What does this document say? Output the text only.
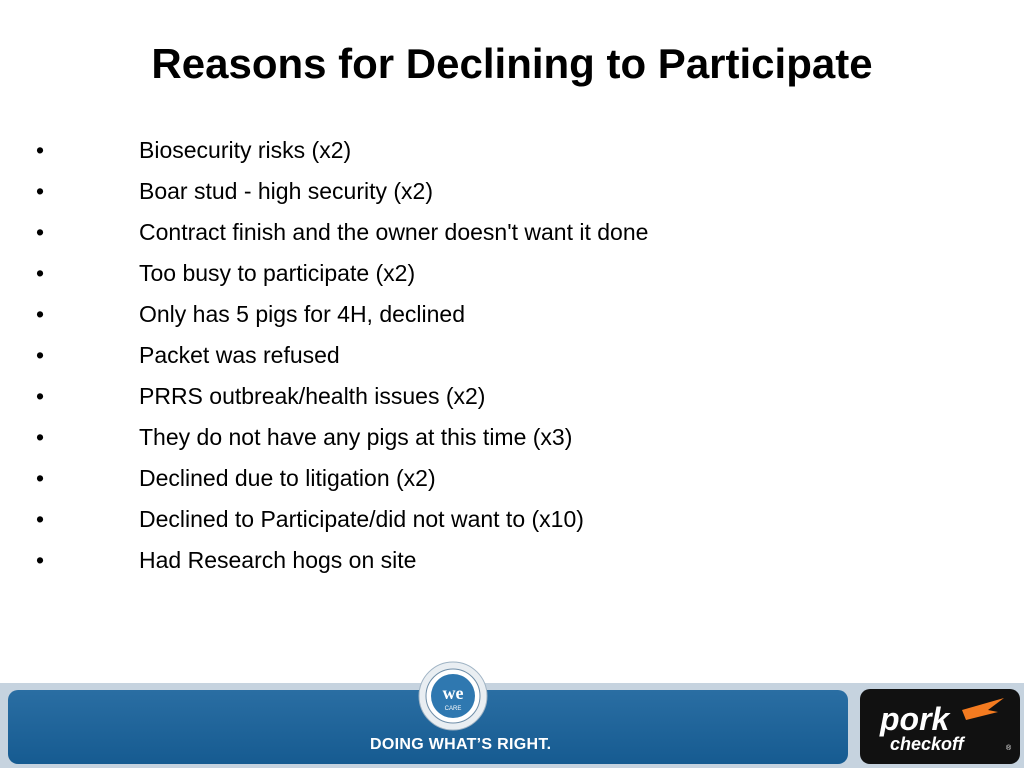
Reasons for Declining to Participate
•	Biosecurity risks (x2)
•	Boar stud - high security (x2)
•	Contract finish and the owner doesn't want it done
•	Too busy to participate (x2)
•	Only has 5 pigs for 4H, declined
•	Packet was refused
•	PRRS outbreak/health issues (x2)
•	They do not have any pigs at this time (x3)
•	Declined due to litigation (x2)
•	Declined to Participate/did not want to (x10)
•	Had Research hogs on site
DOING WHAT’S RIGHT.
we
CARE	pork
checkoff	®
